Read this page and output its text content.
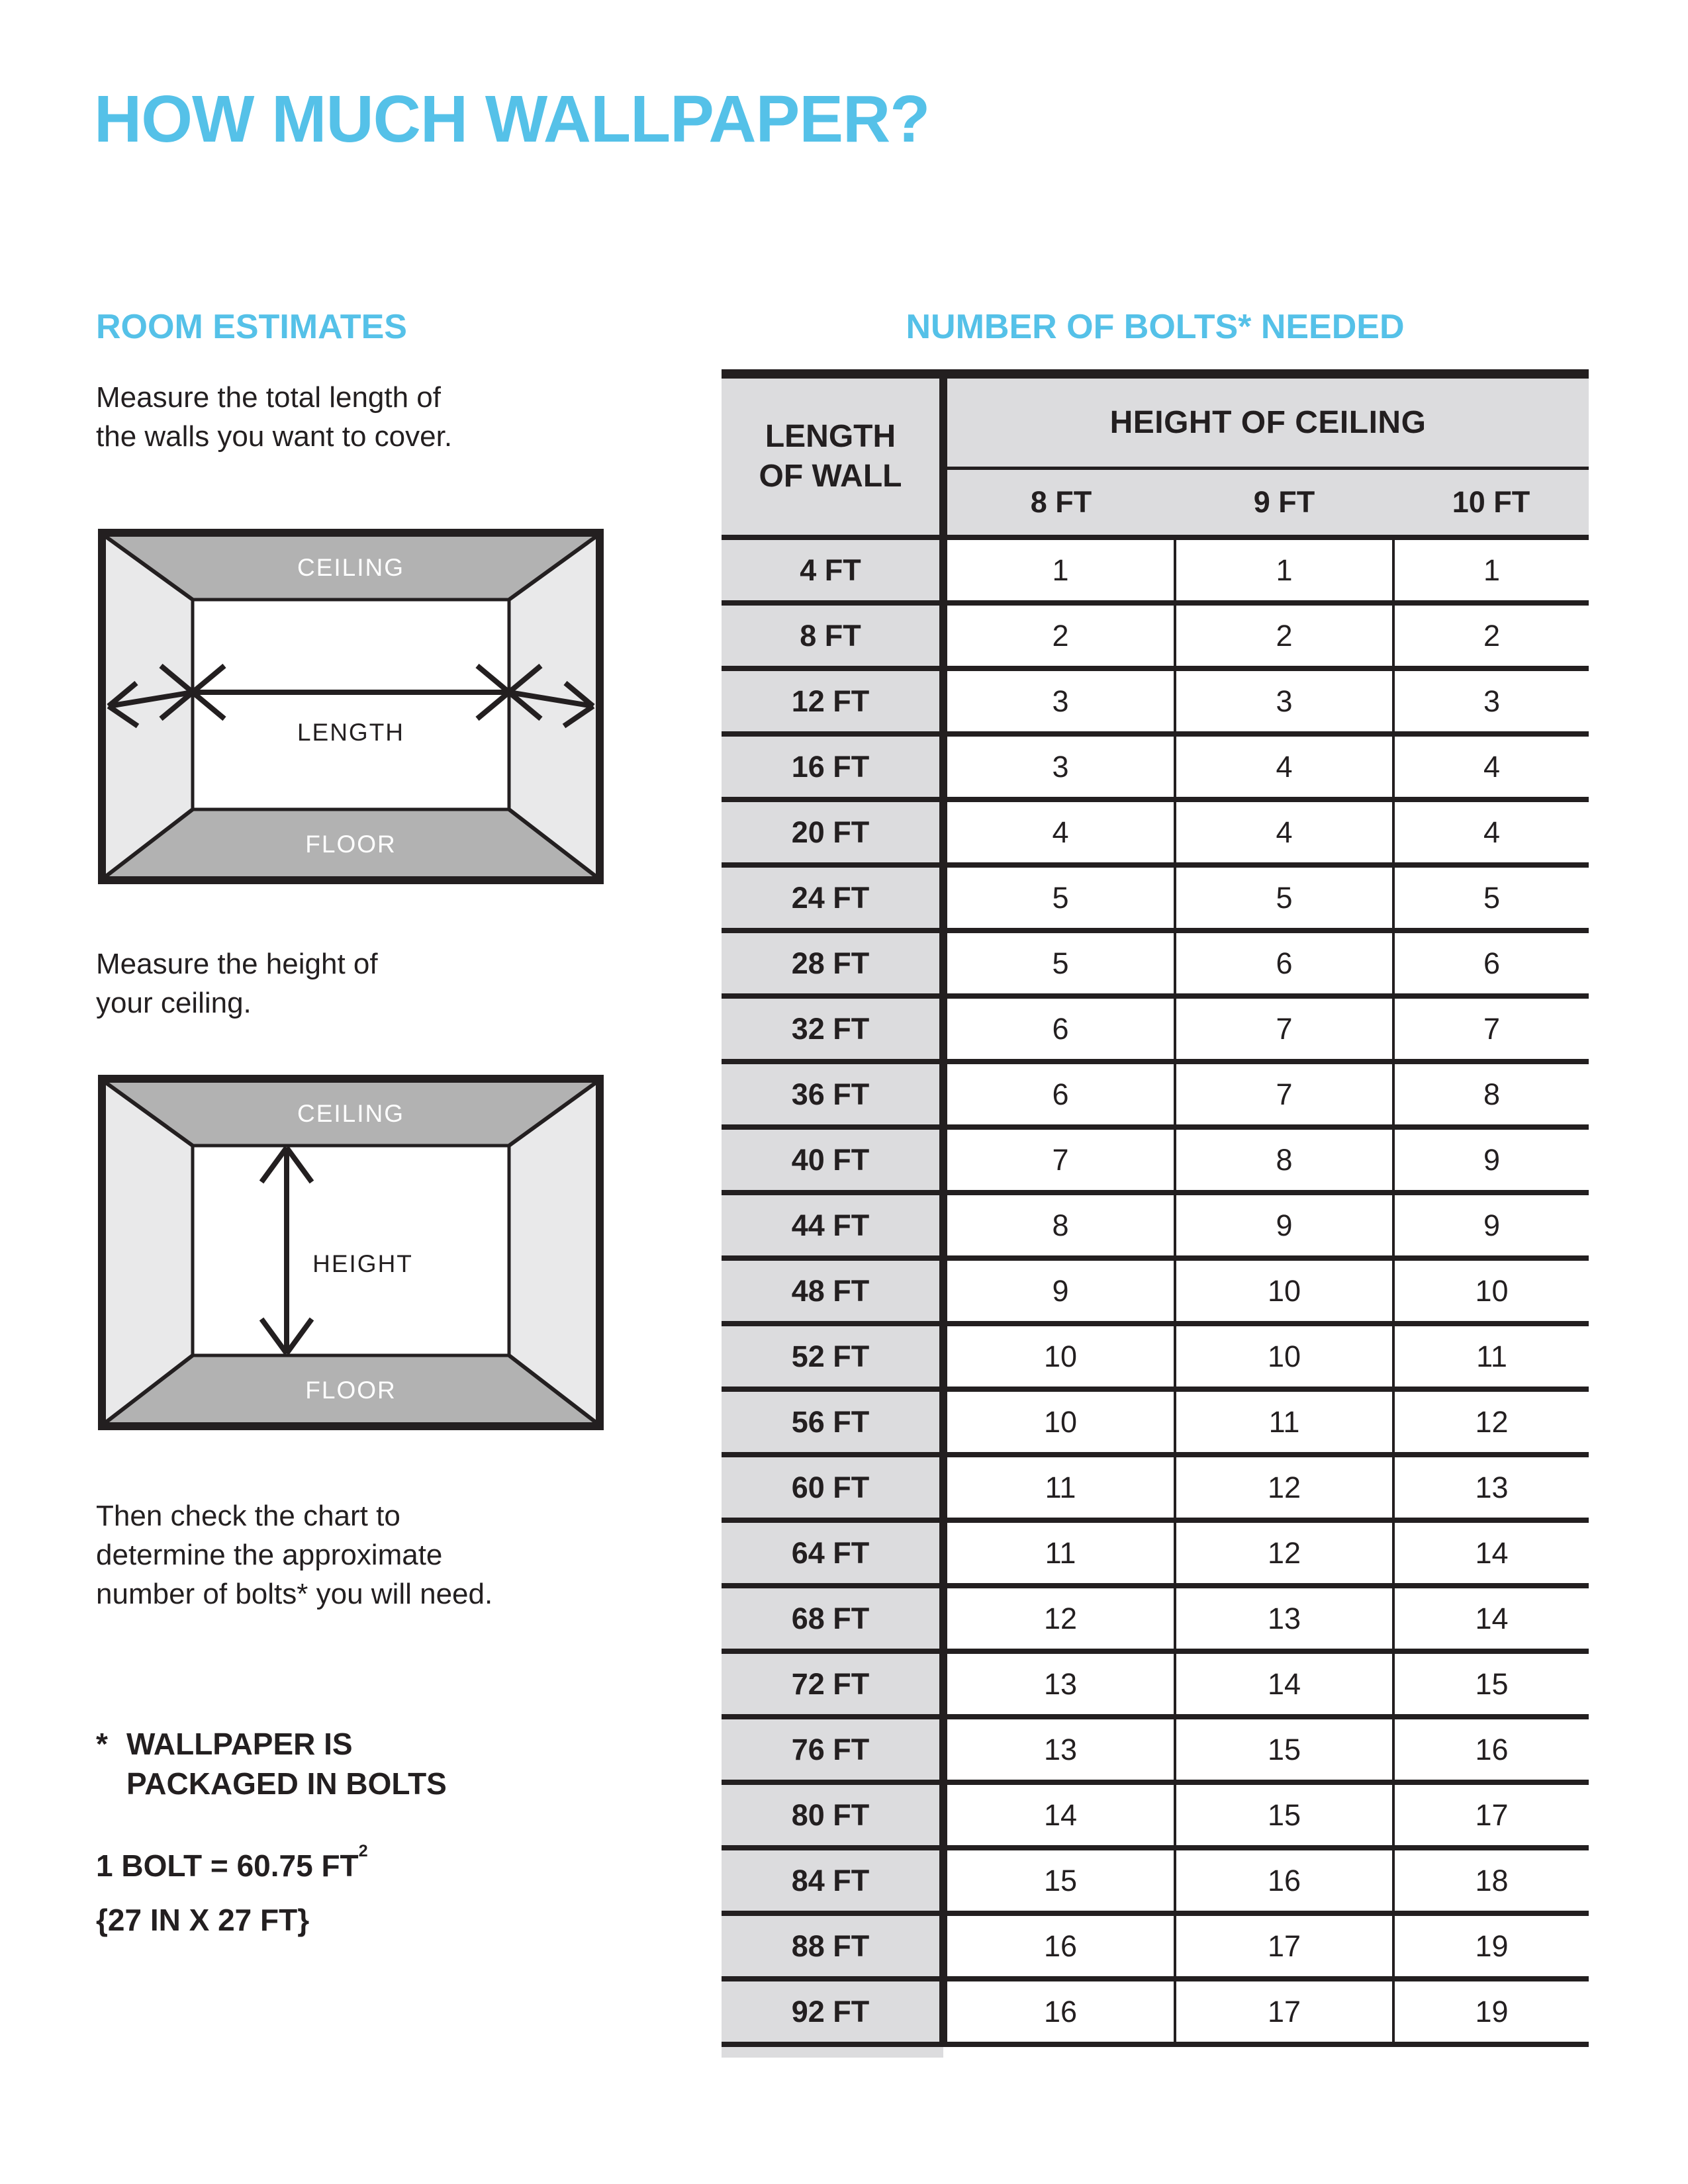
HOW MUCH WALLPAPER?
ROOM ESTIMATES

Measure the total length of
the walls you want to cover.

CEILING
FLOOR
LENGTH

Measure the height of
your ceiling.

CEILING
FLOOR
HEIGHT

Then check the chart to
determine the approximate
number of bolts* you will need.

* WALLPAPER IS
PACKAGED IN BOLTS
1 BOLT = 60.75 $FT^2$
{27 IN X 27 FT}
NUMBER OF BOLTS* NEEDED
LENGTH
OF WALL	HEIGHT OF CEILING		
	8 FT	9 FT	10 FT
4 FT	1	1	1
8 FT	2	2	2
12 FT	3	3	3
16 FT	3	4	4
20 FT	4	4	4
24 FT	5	5	5
28 FT	5	6	6
32 FT	6	7	7
36 FT	6	7	8
40 FT	7	8	9
44 FT	8	9	9
48 FT	9	10	10
52 FT	10	10	11
56 FT	10	11	12
60 FT	11	12	13
64 FT	11	12	14
68 FT	12	13	14
72 FT	13	14	15
76 FT	13	15	16
80 FT	14	15	17
84 FT	15	16	18
88 FT	16	17	19
92 FT	16	17	19
